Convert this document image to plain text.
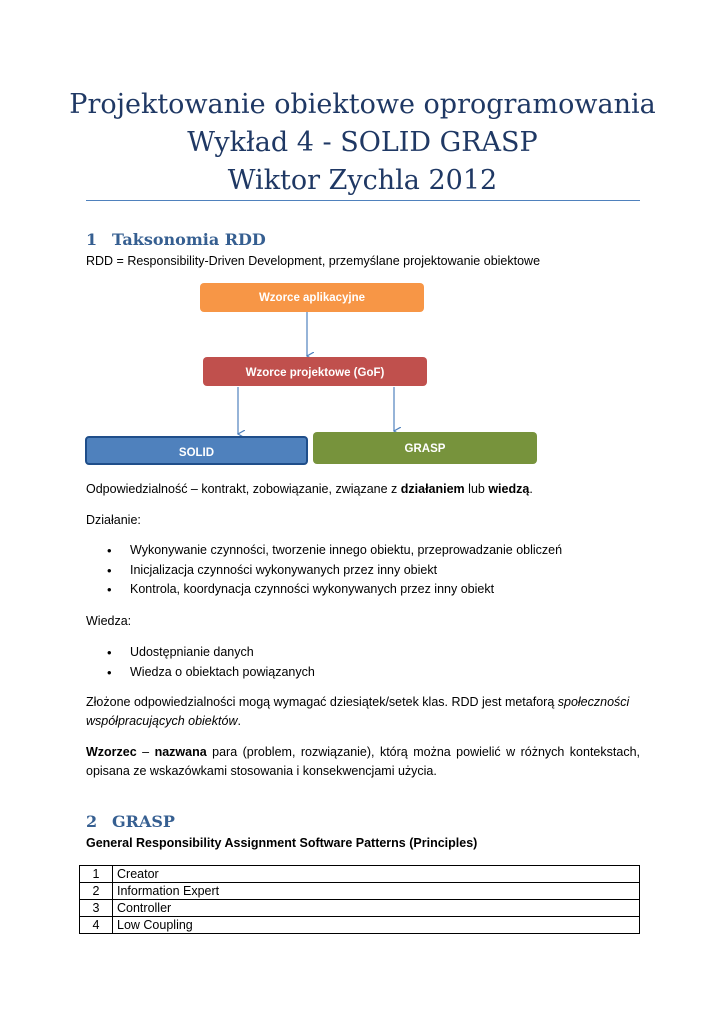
Projektowanie obiektowe oprogramowania
Wykład 4 - SOLID GRASP
Wiktor Zychla 2012
1 Taksonomia RDD
RDD = Responsibility-Driven Development, przemyślane projektowanie obiektowe
Wzorce aplikacyjne
Wzorce projektowe (GoF)
SOLID	GRASP
Odpowiedzialność – kontrakt, zobowiązanie, związane z działaniem lub wiedzą.
Działanie:
• Wykonywanie czynności, tworzenie innego obiektu, przeprowadzanie obliczeń
• Inicjalizacja czynności wykonywanych przez inny obiekt
• Kontrola, koordynacja czynności wykonywanych przez inny obiekt
Wiedza:
• Udostępnianie danych
• Wiedza o obiektach powiązanych
Złożone odpowiedzialności mogą wymagać dziesiątek/setek klas. RDD jest metaforą społeczności współpracujących obiektów.
Wzorzec – nazwana para (problem, rozwiązanie), którą można powielić w różnych kontekstach, opisana ze wskazówkami stosowania i konsekwencjami użycia.
2 GRASP
General Responsibility Assignment Software Patterns (Principles)
1	Creator
2	Information Expert
3	Controller
4	Low Coupling
